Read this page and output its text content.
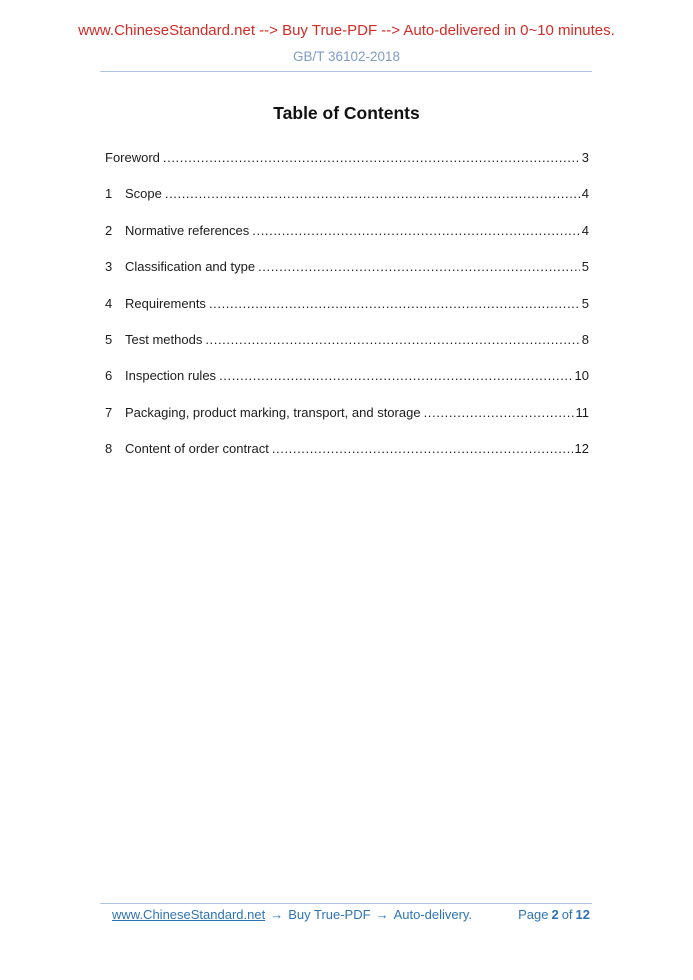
www.ChineseStandard.net --> Buy True-PDF --> Auto-delivered in 0~10 minutes.
GB/T 36102-2018
Table of Contents
Foreword .....	3
1 Scope .....	4
2 Normative references .....	4
3 Classification and type .....	5
4 Requirements .....	5
5 Test methods .....	8
6 Inspection rules .....	10
7 Packaging, product marking, transport, and storage .....	11
8 Content of order contract .....	12
www.ChineseStandard.net → Buy True-PDF → Auto-delivery.	Page 2 of 12
